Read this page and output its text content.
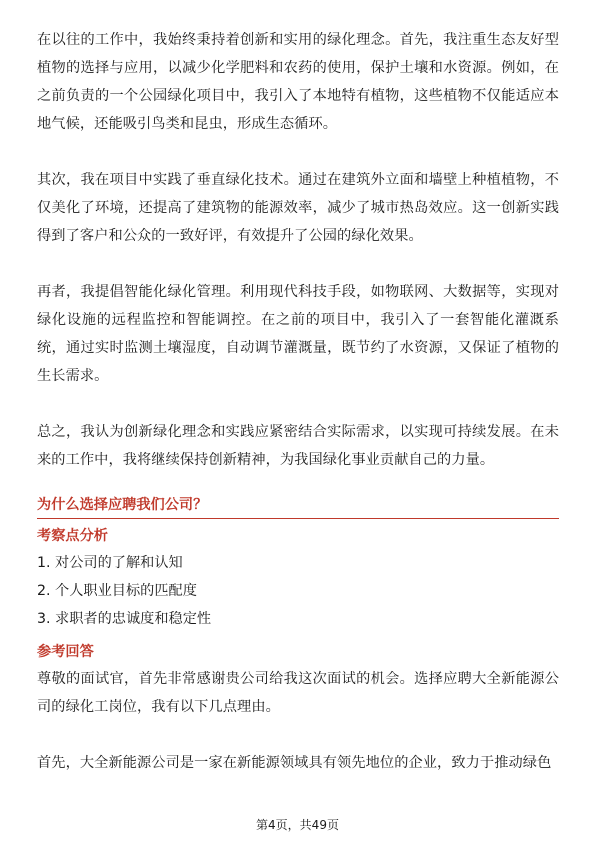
在以往的工作中，我始终秉持着创新和实用的绿化理念。首先，我注重生态友好型植物的选择与应用，以减少化学肥料和农药的使用，保护土壤和水资源。例如，在之前负责的一个公园绿化项目中，我引入了本地特有植物，这些植物不仅能适应本地气候，还能吸引鸟类和昆虫，形成生态循环。

其次，我在项目中实践了垂直绿化技术。通过在建筑外立面和墙壁上种植植物，不仅美化了环境，还提高了建筑物的能源效率，减少了城市热岛效应。这一创新实践得到了客户和公众的一致好评，有效提升了公园的绿化效果。

再者，我提倡智能化绿化管理。利用现代科技手段，如物联网、大数据等，实现对绿化设施的远程监控和智能调控。在之前的项目中，我引入了一套智能化灌溉系统，通过实时监测土壤湿度，自动调节灌溉量，既节约了水资源，又保证了植物的生长需求。

总之，我认为创新绿化理念和实践应紧密结合实际需求，以实现可持续发展。在未来的工作中，我将继续保持创新精神，为我国绿化事业贡献自己的力量。

为什么选择应聘我们公司？
考察点分析
1. 对公司的了解和认知
2. 个人职业目标的匹配度
3. 求职者的忠诚度和稳定性
参考回答

尊敬的面试官，首先非常感谢贵公司给我这次面试的机会。选择应聘大全新能源公司的绿化工岗位，我有以下几点理由。

首先，大全新能源公司是一家在新能源领域具有领先地位的企业，致力于推动绿色

第4页，共49页
